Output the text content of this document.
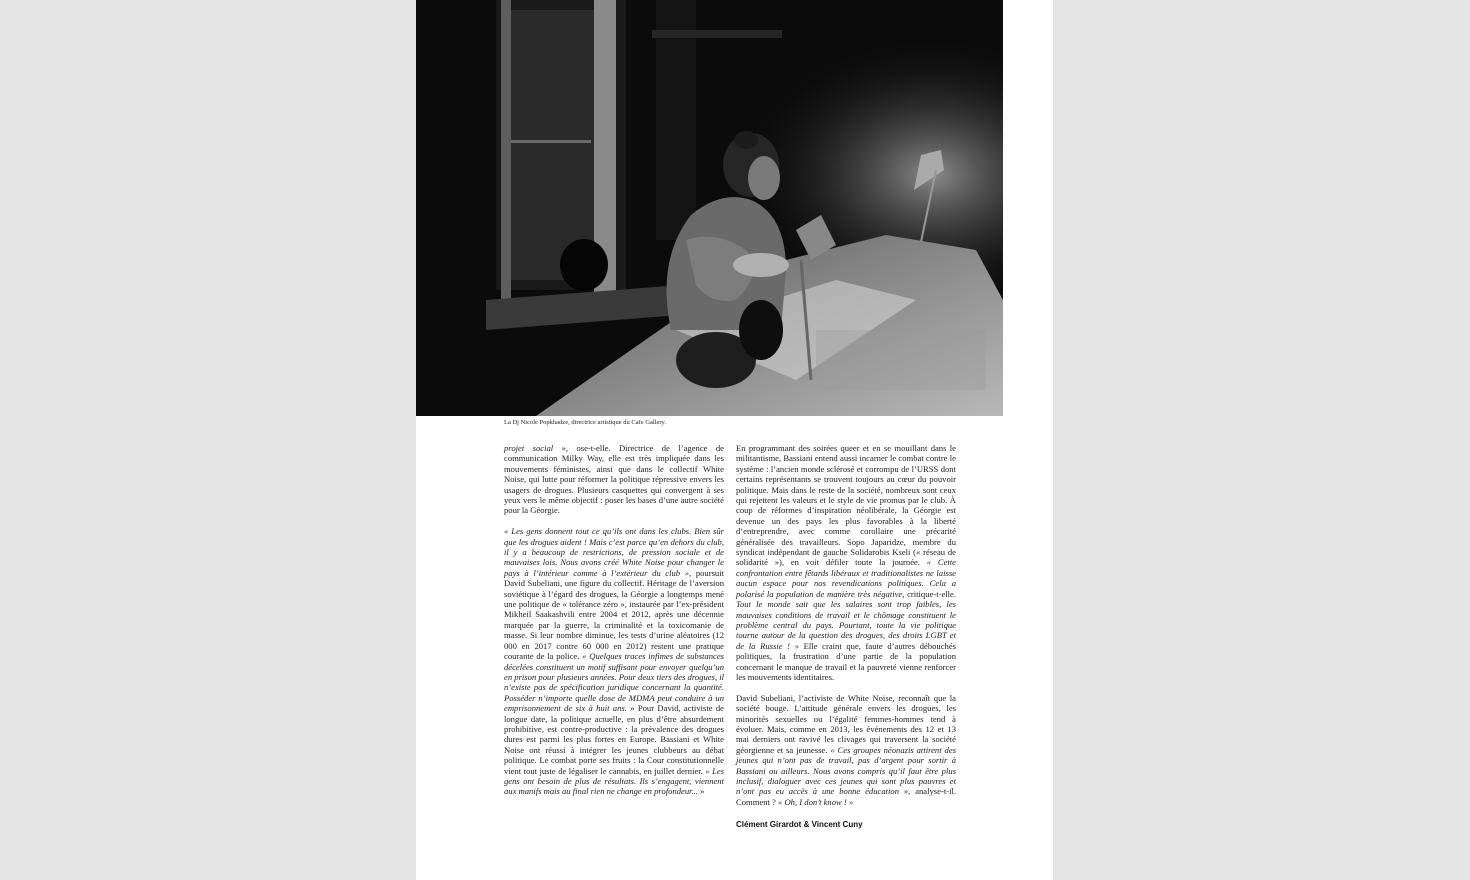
La Dj Nicole Popkhadze, directrice artistique du Cafe Gallery.

projet social », ose-t-elle. Directrice de l’agence de communication Milky Way, elle est très impliquée dans les mouvements féministes, ainsi que dans le collectif White Noise, qui lutte pour réformer la politique répressive envers les usagers de drogues. Plusieurs casquettes qui convergent à ses yeux vers le même objectif : poser les bases d’une autre société pour la Géorgie.

« Les gens donnent tout ce qu’ils ont dans les clubs. Bien sûr que les drogues aident ! Mais c’est parce qu’en dehors du club, il y a beaucoup de restrictions, de pression sociale et de mauvaises lois. Nous avons créé White Noise pour changer le pays à l’intérieur comme à l’extérieur du club », poursuit David Subeliani, une figure du collectif. Héritage de l’aversion soviétique à l’égard des drogues, la Géorgie a longtemps mené une politique de « tolérance zéro », instaurée par l’ex-président Mikheil Saakashvili entre 2004 et 2012, après une décennie marquée par la guerre, la criminalité et la toxicomanie de masse. Si leur nombre diminue, les tests d’urine aléatoires (12 000 en 2017 contre 60 000 en 2012) restent une pratique courante de la police. « Quelques traces infimes de substances décelées constituent un motif suffisant pour envoyer quelqu’un en prison pour plusieurs années. Pour deux tiers des drogues, il n’existe pas de spécification juridique concernant la quantité. Posséder n’importe quelle dose de MDMA peut conduire à un emprisonnement de six à huit ans. » Pour David, activiste de longue date, la politique actuelle, en plus d’être absurdement prohibitive, est contre-productive : la prévalence des drogues dures est parmi les plus fortes en Europe. Bassiani et White Noise ont réussi à intégrer les jeunes clubbeurs au débat politique. Le combat porte ses fruits : la Cour constitutionnelle vient tout juste de légaliser le cannabis, en juillet dernier. « Les gens ont besoin de plus de résultats. Ils s’engagent, viennent aux manifs mais au final rien ne change en profondeur... »

En programmant des soirées queer et en se mouillant dans le militantisme, Bassiani entend aussi incarner le combat contre le système : l’ancien monde sclérosé et corrompu de l’URSS dont certains représentants se trouvent toujours au cœur du pouvoir politique. Mais dans le reste de la société, nombreux sont ceux qui rejettent les valeurs et le style de vie promus par le club. À coup de réformes d’inspiration néolibérale, la Géorgie est devenue un des pays les plus favorables à la liberté d’entreprendre, avec comme corollaire une précarité généralisée des travailleurs. Sopo Japaridze, membre du syndicat indépendant de gauche Solidarobis Kseli (« réseau de solidarité »), en voit défiler toute la journée. « Cette confrontation entre fêtards libéraux et traditionalistes ne laisse aucun espace pour nos revendications politiques. Cela a polarisé la population de manière très négative, critique-t-elle. Tout le monde sait que les salaires sont trop faibles, les mauvaises conditions de travail et le chômage constituent le problème central du pays. Pourtant, toute la vie politique tourne autour de la question des drogues, des droits LGBT et de la Russie ! » Elle craint que, faute d’autres débouchés politiques, la frustration d’une partie de la population concernant le manque de travail et la pauvreté vienne renforcer les mouvements identitaires.

David Subeliani, l’activiste de White Noise, reconnaît que la société bouge. L’attitude générale envers les drogues, les minorités sexuelles ou l’égalité femmes-hommes tend à évoluer. Mais, comme en 2013, les événements des 12 et 13 mai derniers ont ravivé les clivages qui traversent la société géorgienne et sa jeunesse. « Ces groupes néonazis attirent des jeunes qui n’ont pas de travail, pas d’argent pour sortir à Bassiani ou ailleurs. Nous avons compris qu’il faut être plus inclusif, dialoguer avec ces jeunes qui sont plus pauvres et n’ont pas eu accès à une bonne éducation », analyse-t-il. Comment ? « Oh, I don’t know ! »

Clément Girardot & Vincent Cuny
